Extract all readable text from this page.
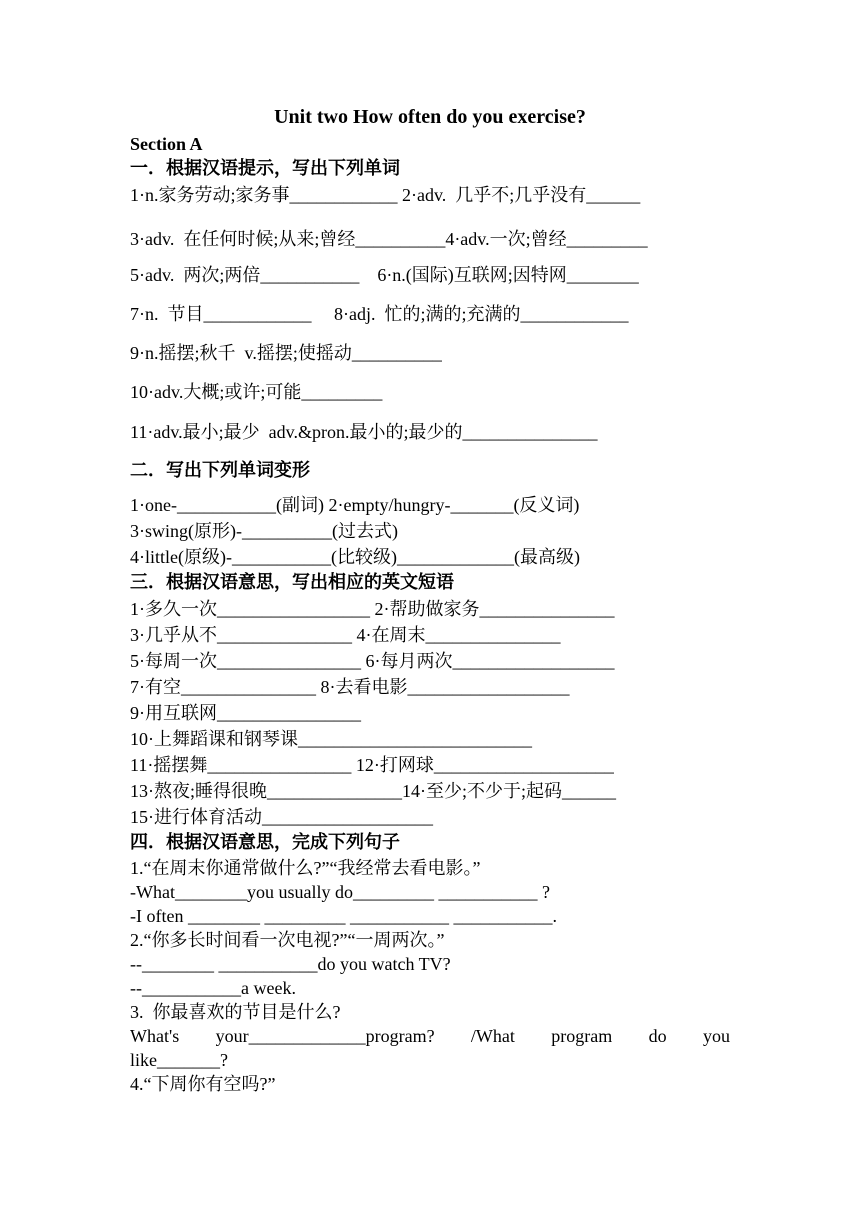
Unit two How often do you exercise?
Section A
一．根据汉语提示，写出下列单词
1·n.家务劳动;家务事____________ 2·adv.  几乎不;几乎没有______
3·adv.  在任何时候;从来;曾经__________4·adv.一次;曾经_________
5·adv.  两次;两倍___________    6·n.(国际)互联网;因特网________
7·n.  节目____________     8·adj.  忙的;满的;充满的____________
9·n.摇摆;秋千  v.摇摆;使摇动__________
10·adv.大概;或许;可能_________
11·adv.最小;最少  adv.&pron.最小的;最少的_______________
二．写出下列单词变形
1·one-___________(副词) 2·empty/hungry-_______(反义词)
3·swing(原形)-__________(过去式)
4·little(原级)-___________(比较级)_____________(最高级)
三．根据汉语意思，写出相应的英文短语
1·多久一次_________________ 2·帮助做家务_______________
3·几乎从不_______________ 4·在周末_______________
5·每周一次________________ 6·每月两次__________________
7·有空_______________ 8·去看电影__________________
9·用互联网________________
10·上舞蹈课和钢琴课__________________________
11·摇摆舞________________ 12·打网球____________________
13·熬夜;睡得很晚_______________14·至少;不少于;起码______
15·进行体育活动___________________
四．根据汉语意思，完成下列句子
1.“在周末你通常做什么?”“我经常去看电影。”
-What________you usually do_________ ___________ ?
-I often ________ _________ ___________ ___________.
2.“你多长时间看一次电视?”“一周两次。”
--________ ___________do you watch TV?
--___________a week.
3.  你最喜欢的节目是什么?
What's your_____________program? /What program do you
like_______?
4.“下周你有空吗?”
